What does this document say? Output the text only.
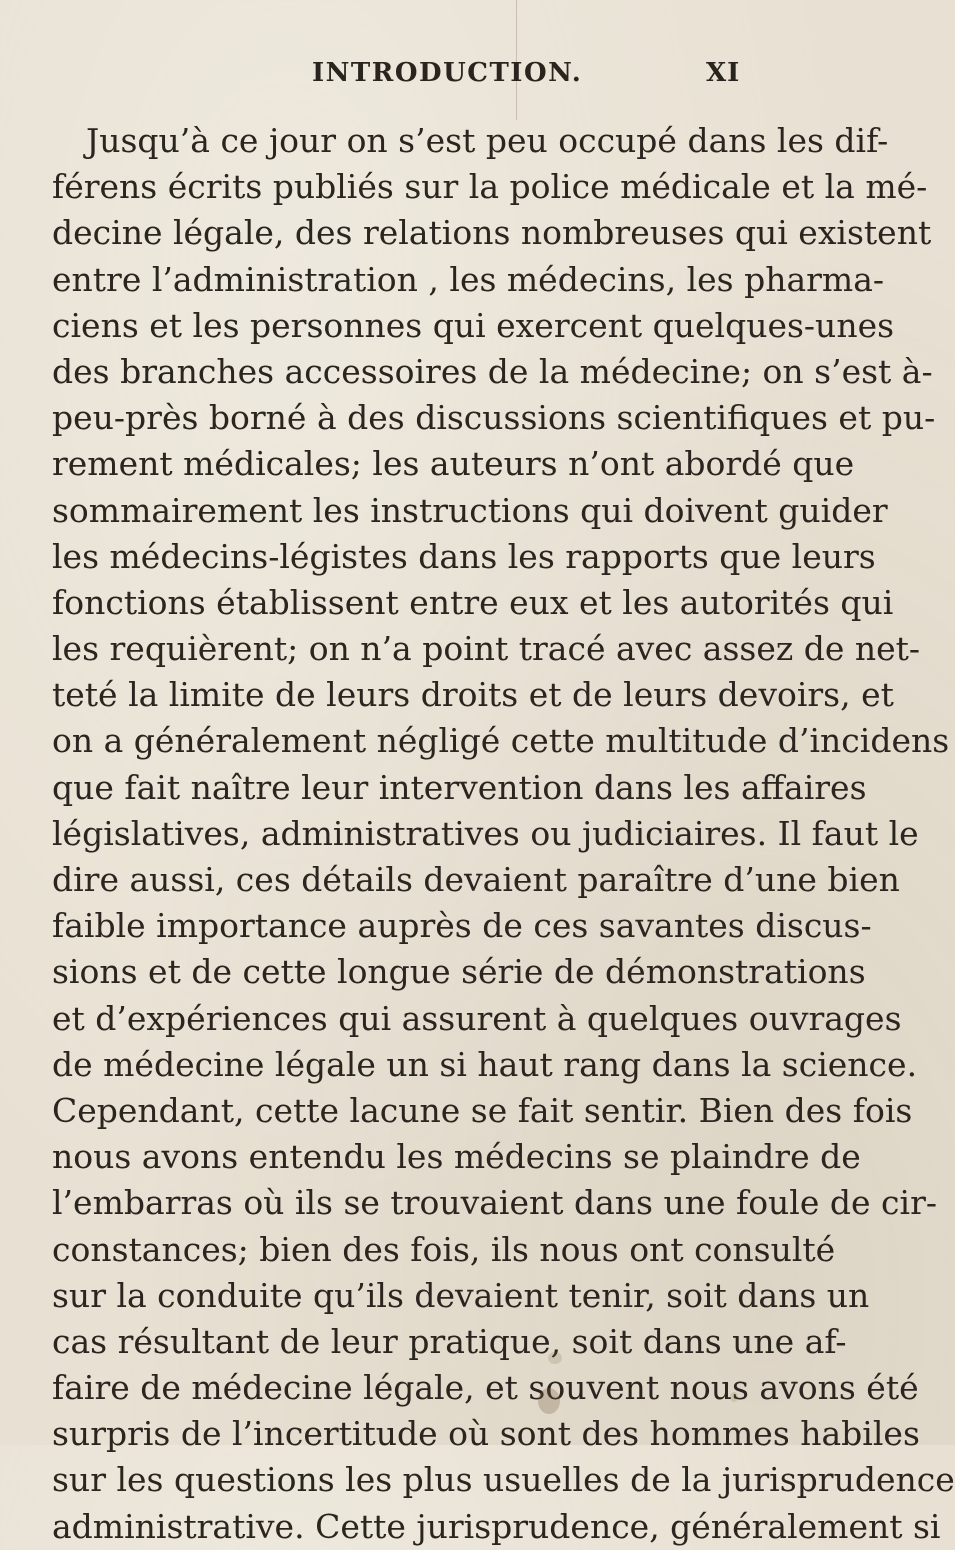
INTRODUCTION.	XI
Jusqu’à ce jour on s’est peu occupé dans les dif-
férens écrits publiés sur la police médicale et la mé-
decine légale, des relations nombreuses qui existent
entre l’administration , les médecins, les pharma-
ciens et les personnes qui exercent quelques-unes
des branches accessoires de la médecine; on s’est à-
peu-près borné à des discussions scientifiques et pu-
rement médicales; les auteurs n’ont abordé que
sommairement les instructions qui doivent guider
les médecins-légistes dans les rapports que leurs
fonctions établissent entre eux et les autorités qui
les requièrent; on n’a point tracé avec assez de net-
teté la limite de leurs droits et de leurs devoirs, et
on a généralement négligé cette multitude d’incidens
que fait naître leur intervention dans les affaires
législatives, administratives ou judiciaires. Il faut le
dire aussi, ces détails devaient paraître d’une bien
faible importance auprès de ces savantes discus-
sions et de cette longue série de démonstrations
et d’expériences qui assurent à quelques ouvrages
de médecine légale un si haut rang dans la science.
Cependant, cette lacune se fait sentir. Bien des fois
nous avons entendu les médecins se plaindre de
l’embarras où ils se trouvaient dans une foule de cir-
constances; bien des fois, ils nous ont consulté
sur la conduite qu’ils devaient tenir, soit dans un
cas résultant de leur pratique, soit dans une af-
faire de médecine légale, et souvent nous avons été
surpris de l’incertitude où sont des hommes habiles
sur les questions les plus usuelles de la jurisprudence
administrative. Cette jurisprudence, généralement si
